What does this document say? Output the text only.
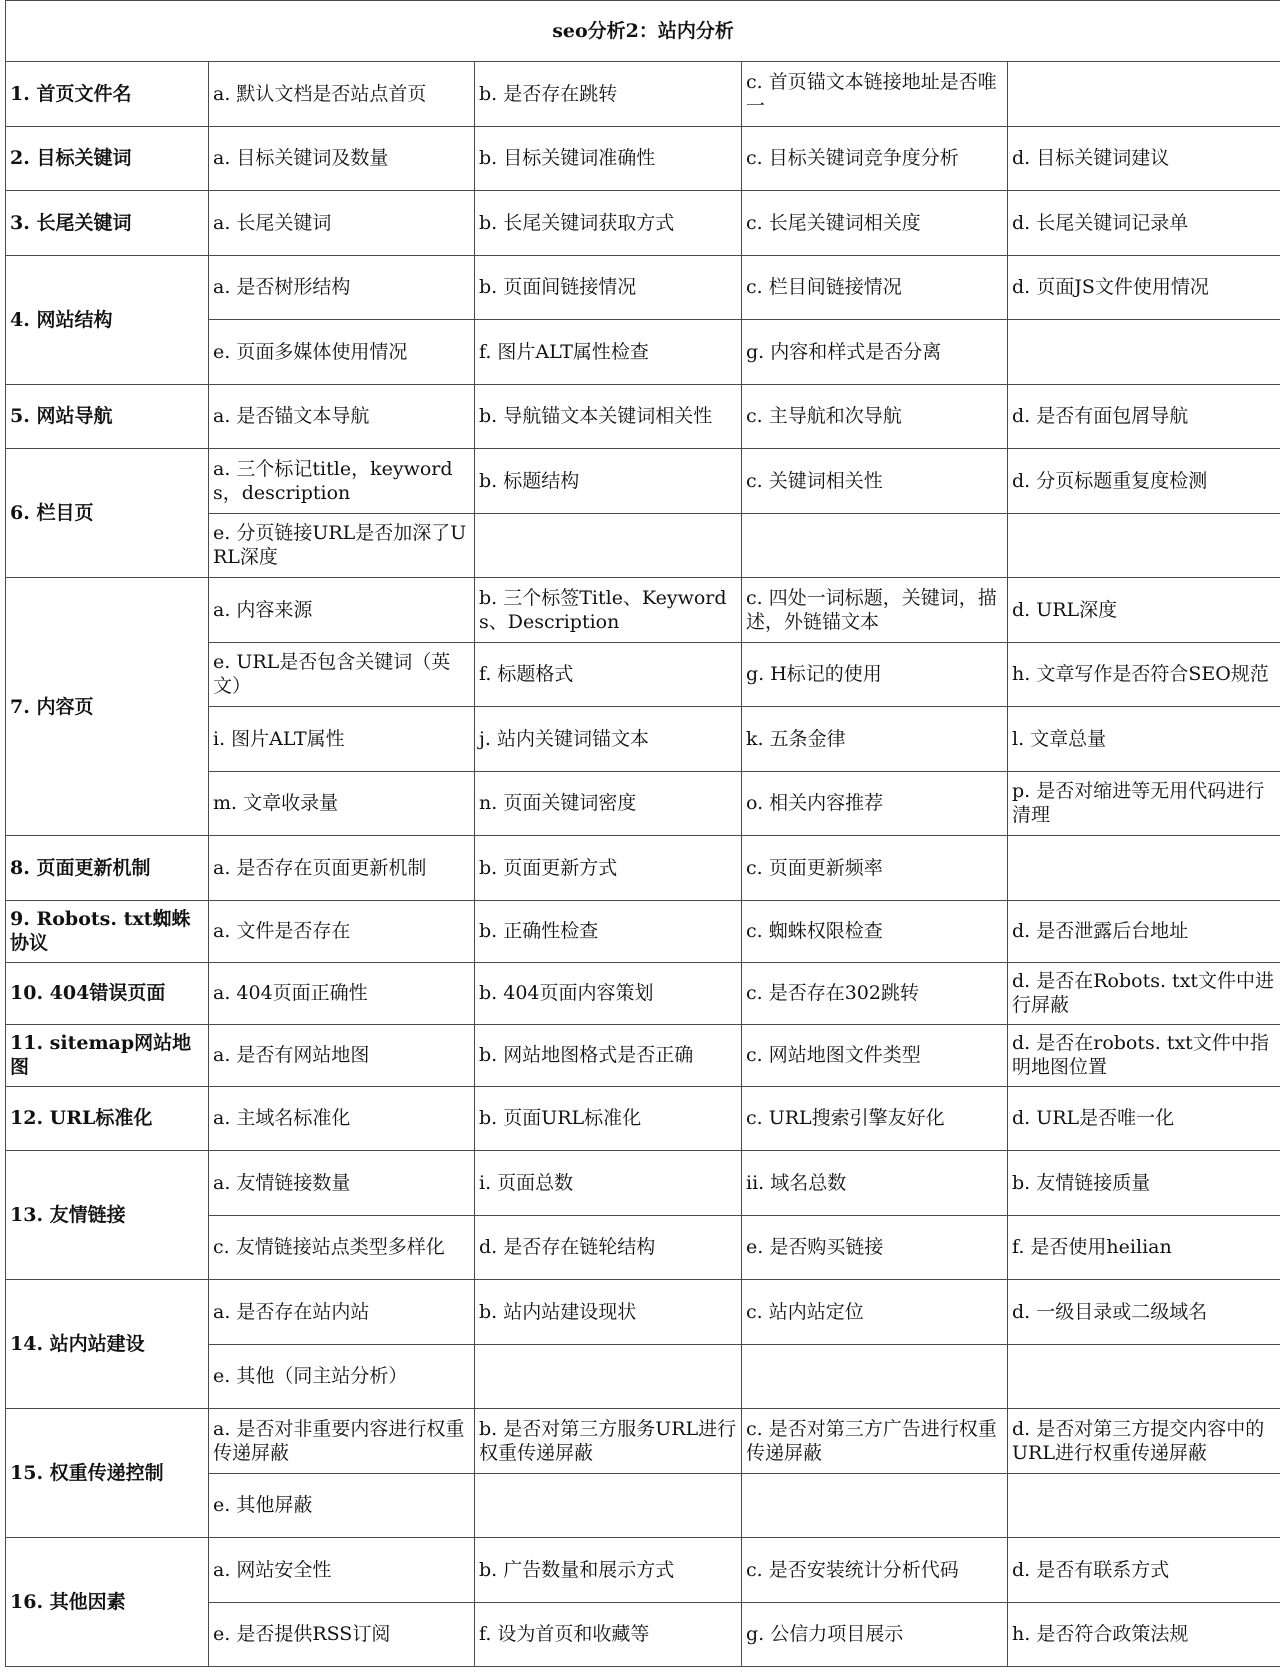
seo分析2：站内分析				
1. 首页文件名	a. 默认文档是否站点首页	b. 是否存在跳转	c. 首页锚文本链接地址是否唯一	
2. 目标关键词	a. 目标关键词及数量	b. 目标关键词准确性	c. 目标关键词竞争度分析	d. 目标关键词建议
3. 长尾关键词	a. 长尾关键词	b. 长尾关键词获取方式	c. 长尾关键词相关度	d. 长尾关键词记录单
4. 网站结构	a. 是否树形结构	b. 页面间链接情况	c. 栏目间链接情况	d. 页面JS文件使用情况
	e. 页面多媒体使用情况	f. 图片ALT属性检查	g. 内容和样式是否分离	
5. 网站导航	a. 是否锚文本导航	b. 导航锚文本关键词相关性	c. 主导航和次导航	d. 是否有面包屑导航
6. 栏目页	a. 三个标记title，keywords，description	b. 标题结构	c. 关键词相关性	d. 分页标题重复度检测
	e. 分页链接URL是否加深了URL深度			
7. 内容页	a. 内容来源	b. 三个标签Title、Keywords、Description	c. 四处一词标题，关键词，描述，外链锚文本	d. URL深度
	e. URL是否包含关键词（英文）	f. 标题格式	g. H标记的使用	h. 文章写作是否符合SEO规范
	i. 图片ALT属性	j. 站内关键词锚文本	k. 五条金律	l. 文章总量
	m. 文章收录量	n. 页面关键词密度	o. 相关内容推荐	p. 是否对缩进等无用代码进行清理
8. 页面更新机制	a. 是否存在页面更新机制	b. 页面更新方式	c. 页面更新频率	
9. Robots. txt蜘蛛协议	a. 文件是否存在	b. 正确性检查	c. 蜘蛛权限检查	d. 是否泄露后台地址
10. 404错误页面	a. 404页面正确性	b. 404页面内容策划	c. 是否存在302跳转	d. 是否在Robots. txt文件中进行屏蔽
11. sitemap网站地图	a. 是否有网站地图	b. 网站地图格式是否正确	c. 网站地图文件类型	d. 是否在robots. txt文件中指明地图位置
12. URL标准化	a. 主域名标准化	b. 页面URL标准化	c. URL搜索引擎友好化	d. URL是否唯一化
13. 友情链接	a. 友情链接数量	i. 页面总数	ii. 域名总数	b. 友情链接质量
	c. 友情链接站点类型多样化	d. 是否存在链轮结构	e. 是否购买链接	f. 是否使用heilian
14. 站内站建设	a. 是否存在站内站	b. 站内站建设现状	c. 站内站定位	d. 一级目录或二级域名
	e. 其他（同主站分析）			
15. 权重传递控制	a. 是否对非重要内容进行权重传递屏蔽	b. 是否对第三方服务URL进行权重传递屏蔽	c. 是否对第三方广告进行权重传递屏蔽	d. 是否对第三方提交内容中的URL进行权重传递屏蔽
	e. 其他屏蔽			
16. 其他因素	a. 网站安全性	b. 广告数量和展示方式	c. 是否安装统计分析代码	d. 是否有联系方式
	e. 是否提供RSS订阅	f. 设为首页和收藏等	g. 公信力项目展示	h. 是否符合政策法规
